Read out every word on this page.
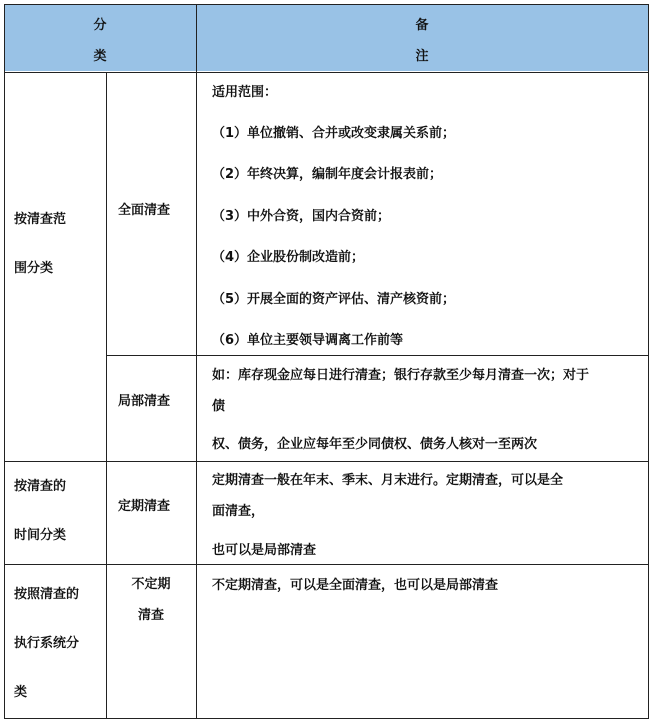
分
类
备
注
按清查范
围分类
全面清查
适用范围：
（1）单位撤销、合并或改变隶属关系前；
（2）年终决算，编制年度会计报表前；
（3）中外合资，国内合资前；
（4）企业股份制改造前；
（5）开展全面的资产评估、清产核资前；
（6）单位主要领导调离工作前等
局部清查
如：库存现金应每日进行清查；银行存款至少每月清查一次；对于
债
权、债务，企业应每年至少同债权、债务人核对一至两次
按清查的
时间分类
定期清查
定期清查一般在年末、季末、月末进行。定期清查，可以是全
面清查，
也可以是局部清查
按照清查的
执行系统分
类
不定期
清查
不定期清查，可以是全面清查，也可以是局部清查
